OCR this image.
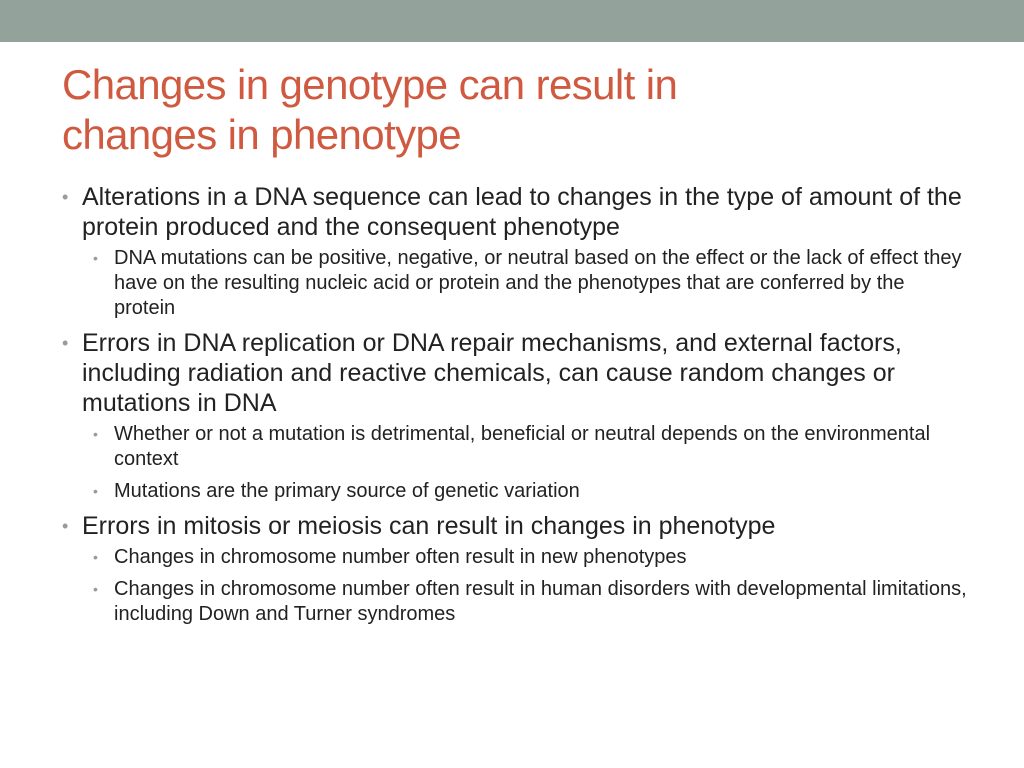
Changes in genotype can result in
changes in phenotype
• Alterations in a DNA sequence can lead to changes in the type of amount of the protein produced and the consequent phenotype
• DNA mutations can be positive, negative, or neutral based on the effect or the lack of effect they have on the resulting nucleic acid or protein and the phenotypes that are conferred by the protein
• Errors in DNA replication or DNA repair mechanisms, and external factors, including radiation and reactive chemicals, can cause random changes or mutations in DNA
• Whether or not a mutation is detrimental, beneficial or neutral depends on the environmental context
• Mutations are the primary source of genetic variation
• Errors in mitosis or meiosis can result in changes in phenotype
• Changes in chromosome number often result in new phenotypes
• Changes in chromosome number often result in human disorders with developmental limitations, including Down and Turner syndromes
